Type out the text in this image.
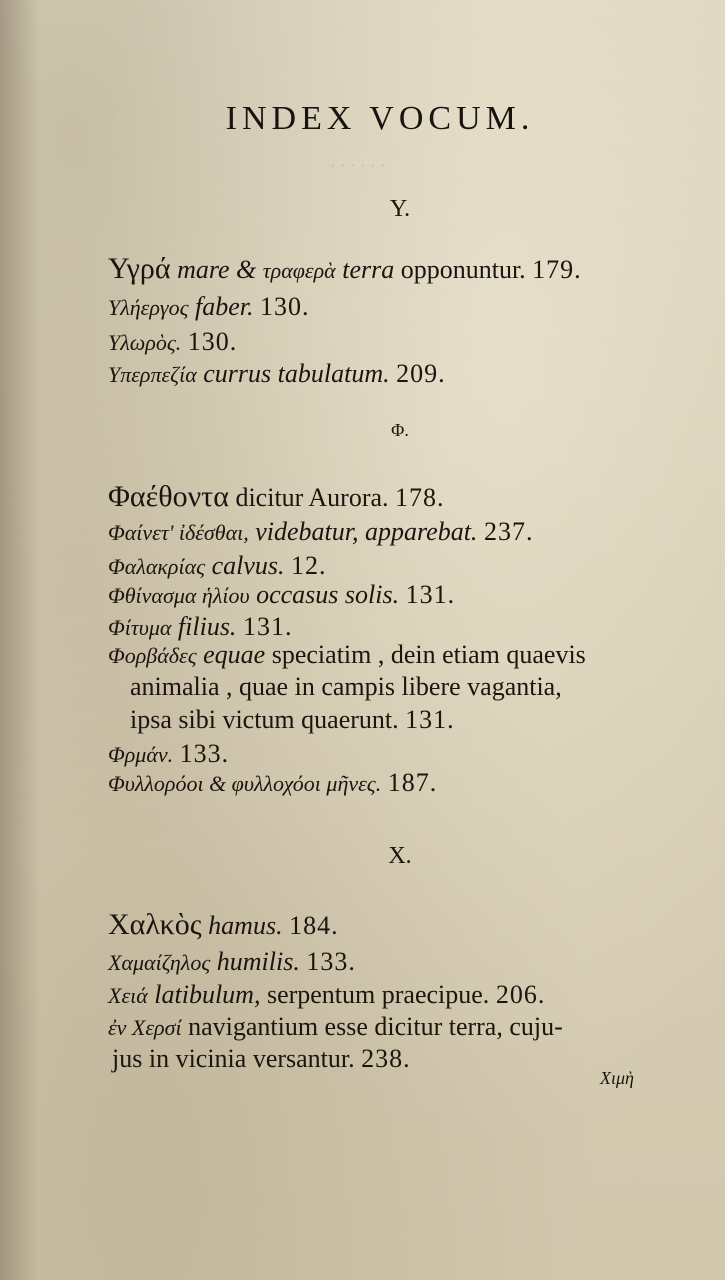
· · · · · ·
INDEX VOCUM.
Υ.
Υγρά mare & τραφερὰ terra opponuntur. 179.
Υλήεργος faber. 130.
Υλωρὸς. 130.
Υπερπεζία currus tabulatum. 209.
Φ.
Φαέθοντα dicitur Aurora. 178.
Φαίνετ' ἰδέσθαι, videbatur, apparebat. 237.
Φαλακρίας calvus. 12.
Φθίνασμα ἡλίου occasus solis. 131.
Φίτυμα filius. 131.
Φορβάδες equae speciatim , dein etiam quaevis
animalia , quae in campis libere vagantia,
ipsa sibi victum quaerunt. 131.
Φρμάν. 133.
Φυλλορόοι & φυλλοχόοι μῆνες. 187.
Χ.
Χαλκὸς hamus. 184.
Χαμαίζηλος humilis. 133.
Χειά latibulum, serpentum praecipue. 206.
ἐν Χερσί navigantium esse dicitur terra, cuju-
jus in vicinia versantur. 238.
Χιμὴ
